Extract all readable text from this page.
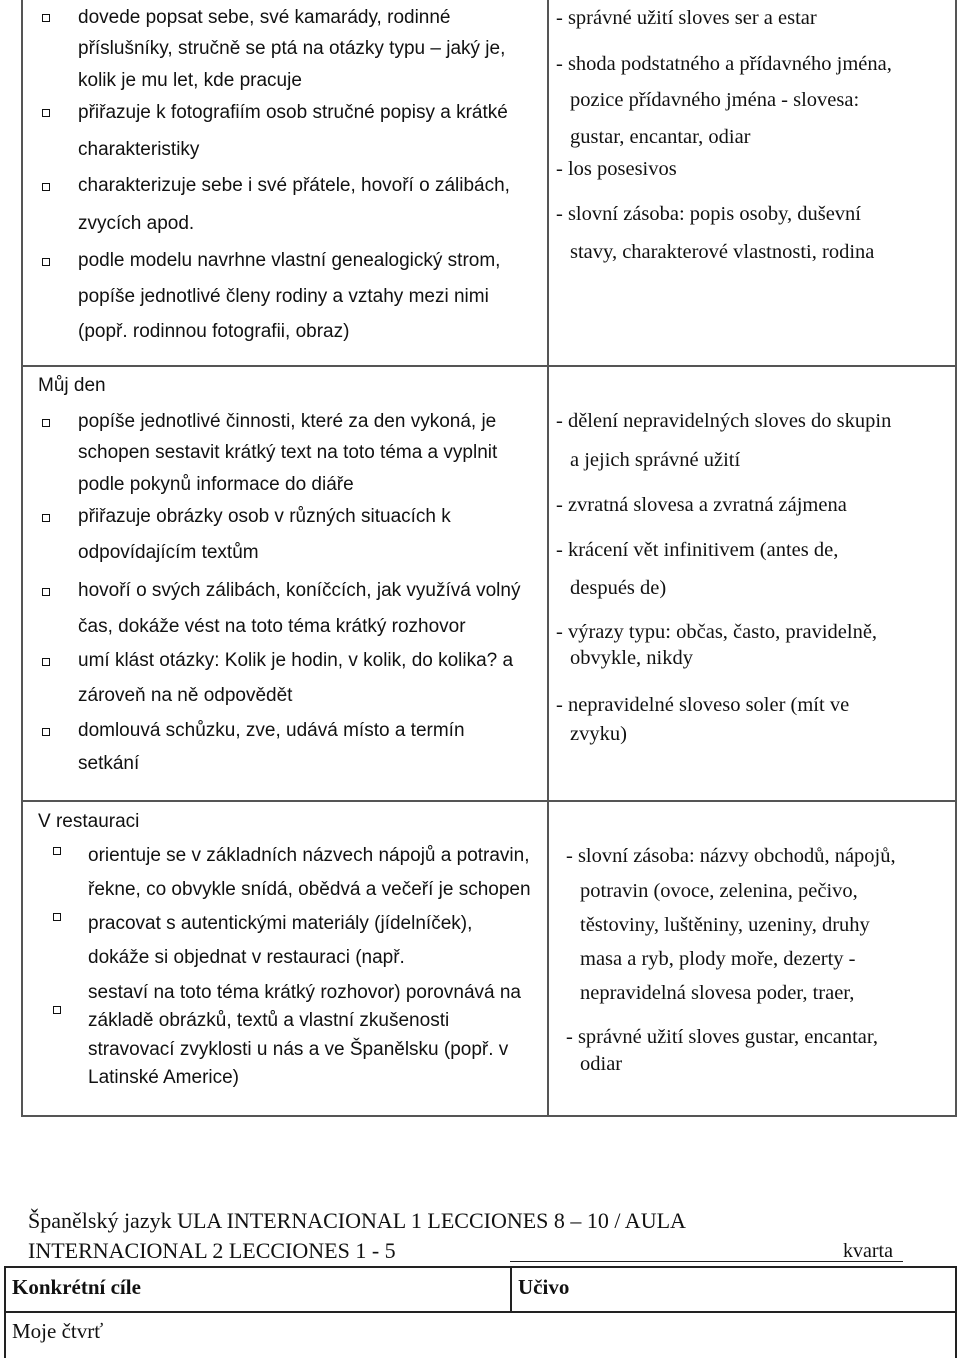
dovede popsat sebe, své kamarády, rodinné
příslušníky, stručně se ptá na otázky typu – jaký je,
kolik je mu let, kde pracuje
přiřazuje k fotografiím osob stručné popisy a krátké
charakteristiky
charakterizuje sebe i své přátele, hovoří o zálibách,
zvycích apod.
podle modelu navrhne vlastní genealogický strom,
popíše jednotlivé členy rodiny a vztahy mezi nimi
(popř. rodinnou fotografii, obraz)
- správné užití sloves ser a estar
- shoda podstatného a přídavného jména,
pozice přídavného jména - slovesa:
gustar, encantar, odiar
- los posesivos
- slovní zásoba: popis osoby, duševní
stavy, charakterové vlastnosti, rodina
Můj den
popíše jednotlivé činnosti, které za den vykoná, je
schopen sestavit krátký text na toto téma a vyplnit
podle pokynů informace do diáře
přiřazuje obrázky osob v různých situacích k
odpovídajícím textům
hovoří o svých zálibách, koníčcích, jak využívá volný
čas, dokáže vést na toto téma krátký rozhovor
umí klást otázky: Kolik je hodin, v kolik, do kolika? a
zároveň na ně odpovědět
domlouvá schůzku, zve, udává místo a termín
setkání
- dělení nepravidelných sloves do skupin
a jejich správné užití
- zvratná slovesa a zvratná zájmena
- krácení vět infinitivem (antes de,
después de)
- výrazy typu: občas, často, pravidelně,
obvykle, nikdy
- nepravidelné sloveso soler (mít ve
zvyku)
V restauraci
orientuje se v základních názvech nápojů a potravin,
řekne, co obvykle snídá, obědvá a večeří je schopen
pracovat s autentickými materiály (jídelníček),
dokáže si objednat v restauraci (např.
sestaví na toto téma krátký rozhovor) porovnává na
základě obrázků, textů a vlastní zkušenosti
stravovací zvyklosti u nás a ve Španělsku (popř. v
Latinské Americe)
- slovní zásoba: názvy obchodů, nápojů,
potravin (ovoce, zelenina, pečivo,
těstoviny, luštěniny, uzeniny, druhy
masa a ryb, plody moře, dezerty -
nepravidelná slovesa poder, traer,
- správné užití sloves gustar, encantar,
odiar
Španělský jazyk ULA INTERNACIONAL 1 LECCIONES 8 – 10 / AULA
INTERNACIONAL 2 LECCIONES 1 - 5	kvarta
Konkrétní cíle	Učivo
Moje čtvrť
